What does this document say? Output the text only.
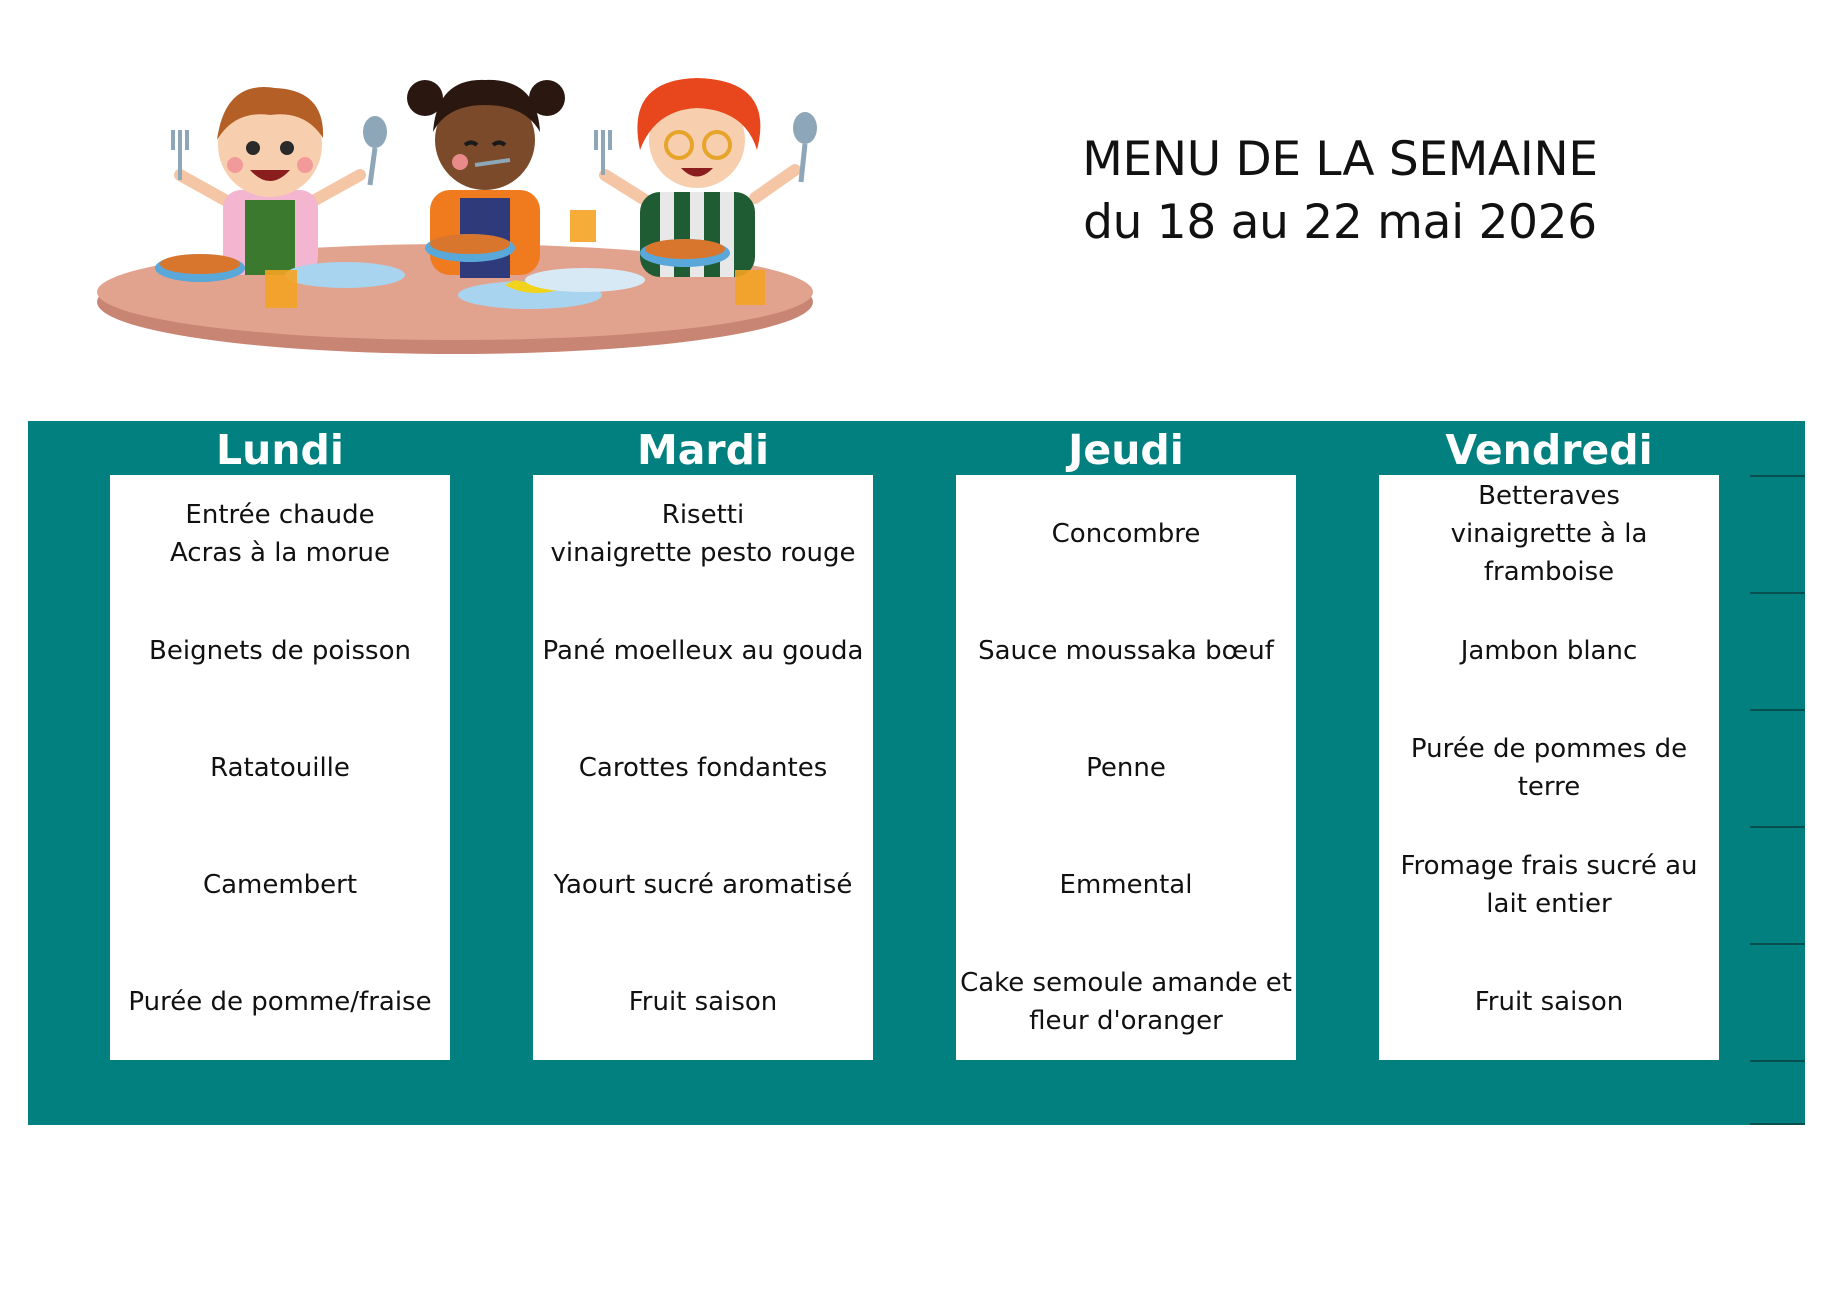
MENU DE LA SEMAINE
du 18 au 22 mai 2026
Lundi
Entrée chaude
Acras à la morue
Beignets de poisson
Ratatouille
Camembert
Purée de pomme/fraise
Mardi
Risetti
vinaigrette pesto rouge
Pané moelleux au gouda
Carottes fondantes
Yaourt sucré aromatisé
Fruit saison
Jeudi
Concombre
Sauce moussaka bœuf
Penne
Emmental
Cake semoule amande et
fleur d'oranger
Vendredi
Betteraves
vinaigrette à la
framboise
Jambon blanc
Purée de pommes de
terre
Fromage frais sucré au
lait entier
Fruit saison
